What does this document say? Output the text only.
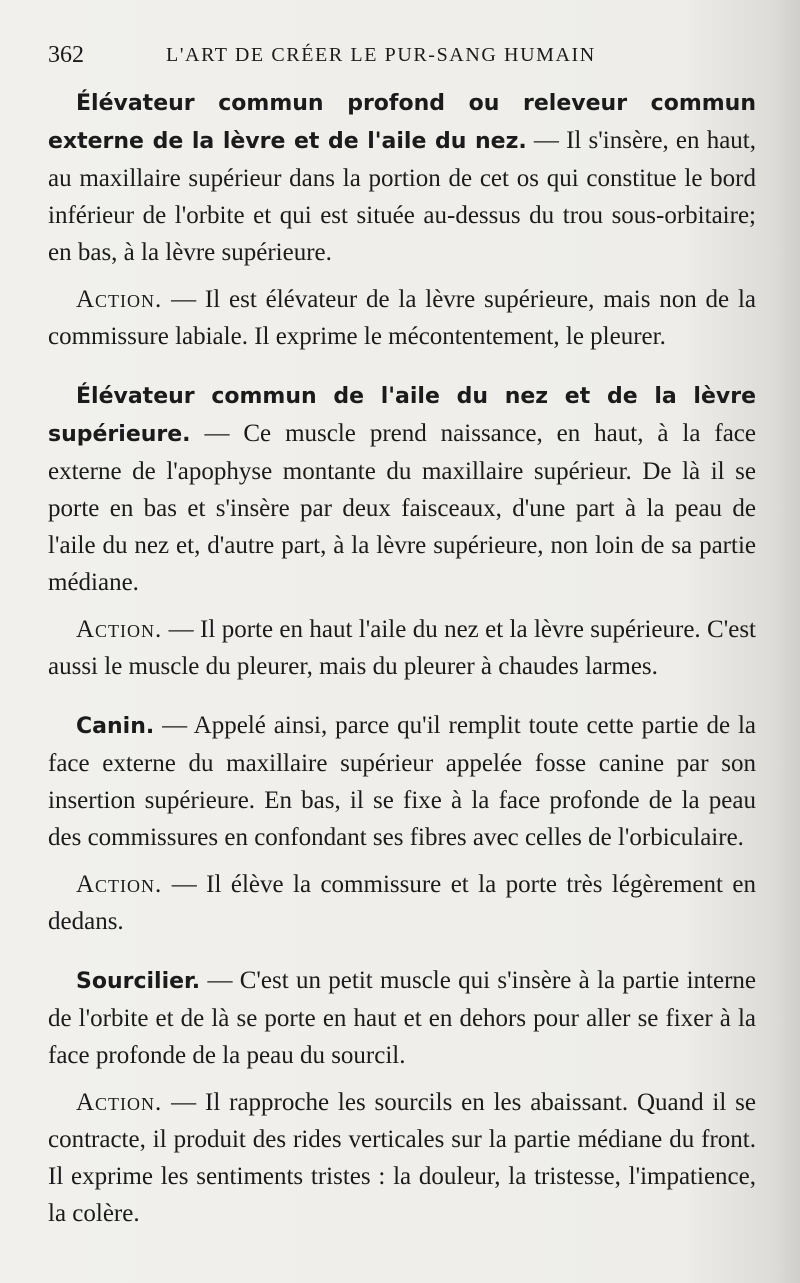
362	L'ART DE CRÉER LE PUR-SANG HUMAIN

Élévateur commun profond ou releveur commun externe de la lèvre et de l'aile du nez. — Il s'insère, en haut, au maxillaire supérieur dans la portion de cet os qui constitue le bord inférieur de l'orbite et qui est située au-dessus du trou sous-orbitaire; en bas, à la lèvre supérieure.

Action. — Il est élévateur de la lèvre supérieure, mais non de la commissure labiale. Il exprime le mécontentement, le pleurer.

Élévateur commun de l'aile du nez et de la lèvre supérieure. — Ce muscle prend naissance, en haut, à la face externe de l'apophyse montante du maxillaire supérieur. De là il se porte en bas et s'insère par deux faisceaux, d'une part à la peau de l'aile du nez et, d'autre part, à la lèvre supérieure, non loin de sa partie médiane.

Action. — Il porte en haut l'aile du nez et la lèvre supérieure. C'est aussi le muscle du pleurer, mais du pleurer à chaudes larmes.

Canin. — Appelé ainsi, parce qu'il remplit toute cette partie de la face externe du maxillaire supérieur appelée fosse canine par son insertion supérieure. En bas, il se fixe à la face profonde de la peau des commissures en confondant ses fibres avec celles de l'orbiculaire.

Action. — Il élève la commissure et la porte très légèrement en dedans.

Sourcilier. — C'est un petit muscle qui s'insère à la partie interne de l'orbite et de là se porte en haut et en dehors pour aller se fixer à la face profonde de la peau du sourcil.

Action. — Il rapproche les sourcils en les abaissant. Quand il se contracte, il produit des rides verticales sur la partie médiane du front. Il exprime les sentiments tristes : la douleur, la tristesse, l'impatience, la colère.
